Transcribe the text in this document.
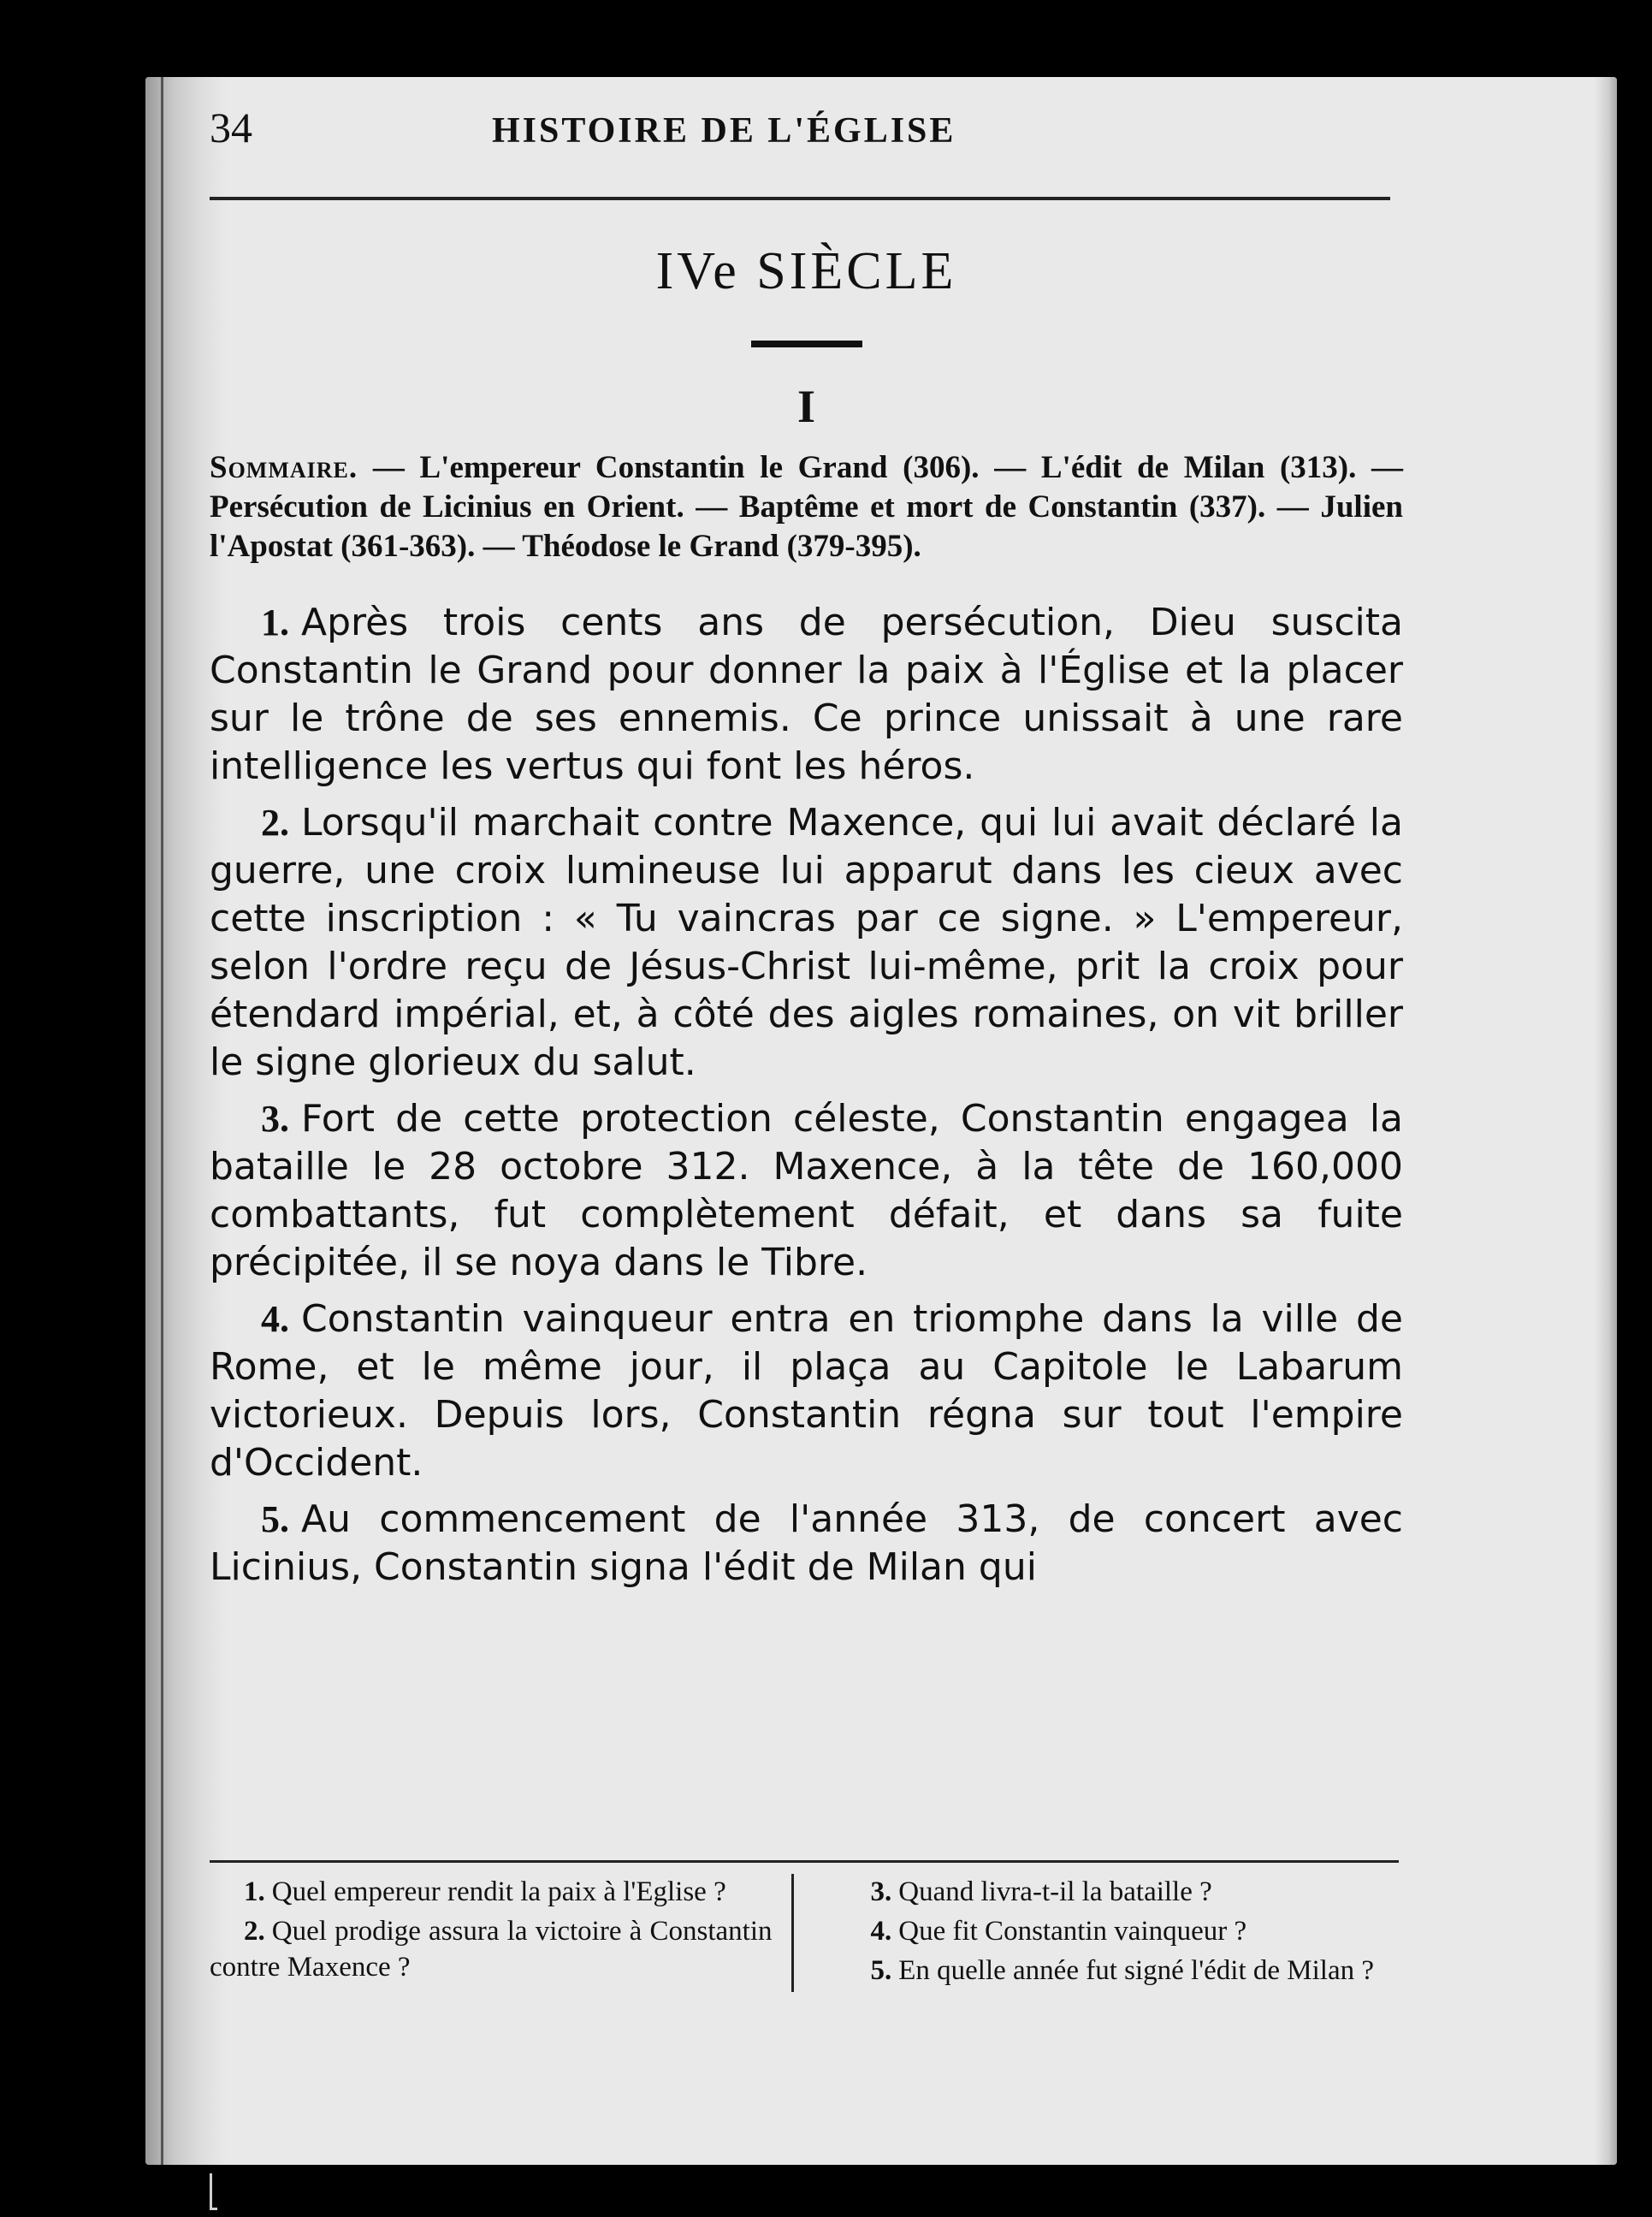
34	HISTOIRE DE L'ÉGLISE
IVe SIÈCLE
I
Sommaire. — L'empereur Constantin le Grand (306). — L'édit de Milan (313). — Persécution de Licinius en Orient. — Baptême et mort de Constantin (337). — Julien l'Apostat (361-363). — Théodose le Grand (379-395).

1. Après trois cents ans de persécution, Dieu suscita Constantin le Grand pour donner la paix à l'Église et la placer sur le trône de ses ennemis. Ce prince unissait à une rare intelligence les vertus qui font les héros.

2. Lorsqu'il marchait contre Maxence, qui lui avait déclaré la guerre, une croix lumineuse lui apparut dans les cieux avec cette inscription : « Tu vaincras par ce signe. » L'empereur, selon l'ordre reçu de Jésus-Christ lui-même, prit la croix pour étendard impérial, et, à côté des aigles romaines, on vit briller le signe glorieux du salut.

3. Fort de cette protection céleste, Constantin engagea la bataille le 28 octobre 312. Maxence, à la tête de 160,000 combattants, fut complètement défait, et dans sa fuite précipitée, il se noya dans le Tibre.

4. Constantin vainqueur entra en triomphe dans la ville de Rome, et le même jour, il plaça au Capitole le Labarum victorieux. Depuis lors, Constantin régna sur tout l'empire d'Occident.

5. Au commencement de l'année 313, de concert avec Licinius, Constantin signa l'édit de Milan qui

1. Quel empereur rendit la paix à l'Eglise ?

2. Quel prodige assura la victoire à Constantin contre Maxence ?

3. Quand livra-t-il la bataille ?

4. Que fit Constantin vainqueur ?

5. En quelle année fut signé l'édit de Milan ?
